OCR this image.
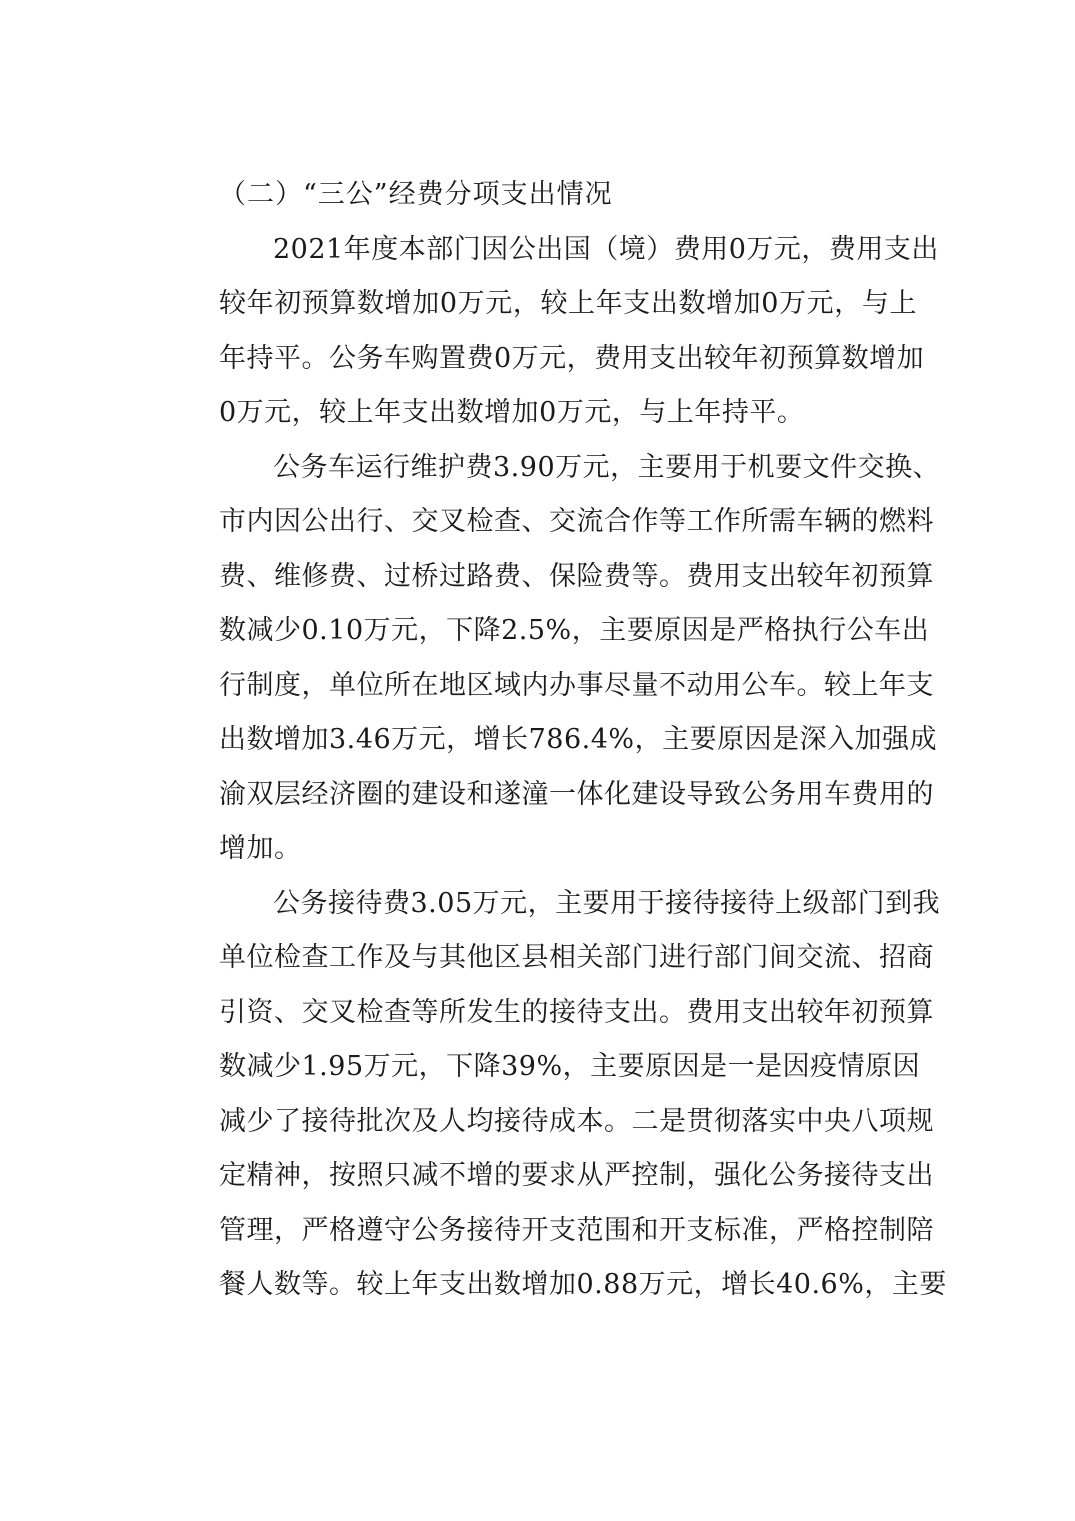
（二）“三公”经费分项支出情况

2021年度本部门因公出国（境）费用0万元，费用支出
较年初预算数增加0万元，较上年支出数增加0万元，与上
年持平。公务车购置费0万元，费用支出较年初预算数增加
0万元，较上年支出数增加0万元，与上年持平。
公务车运行维护费3.90万元，主要用于机要文件交换、
市内因公出行、交叉检查、交流合作等工作所需车辆的燃料
费、维修费、过桥过路费、保险费等。费用支出较年初预算
数减少0.10万元，下降2.5%，主要原因是严格执行公车出
行制度，单位所在地区域内办事尽量不动用公车。较上年支
出数增加3.46万元，增长786.4%，主要原因是深入加强成
渝双层经济圈的建设和遂潼一体化建设导致公务用车费用的
增加。
公务接待费3.05万元，主要用于接待接待上级部门到我
单位检查工作及与其他区县相关部门进行部门间交流、招商
引资、交叉检查等所发生的接待支出。费用支出较年初预算
数减少1.95万元，下降39%，主要原因是一是因疫情原因
减少了接待批次及人均接待成本。二是贯彻落实中央八项规
定精神，按照只减不增的要求从严控制，强化公务接待支出
管理，严格遵守公务接待开支范围和开支标准，严格控制陪
餐人数等。较上年支出数增加0.88万元，增长40.6%，主要
